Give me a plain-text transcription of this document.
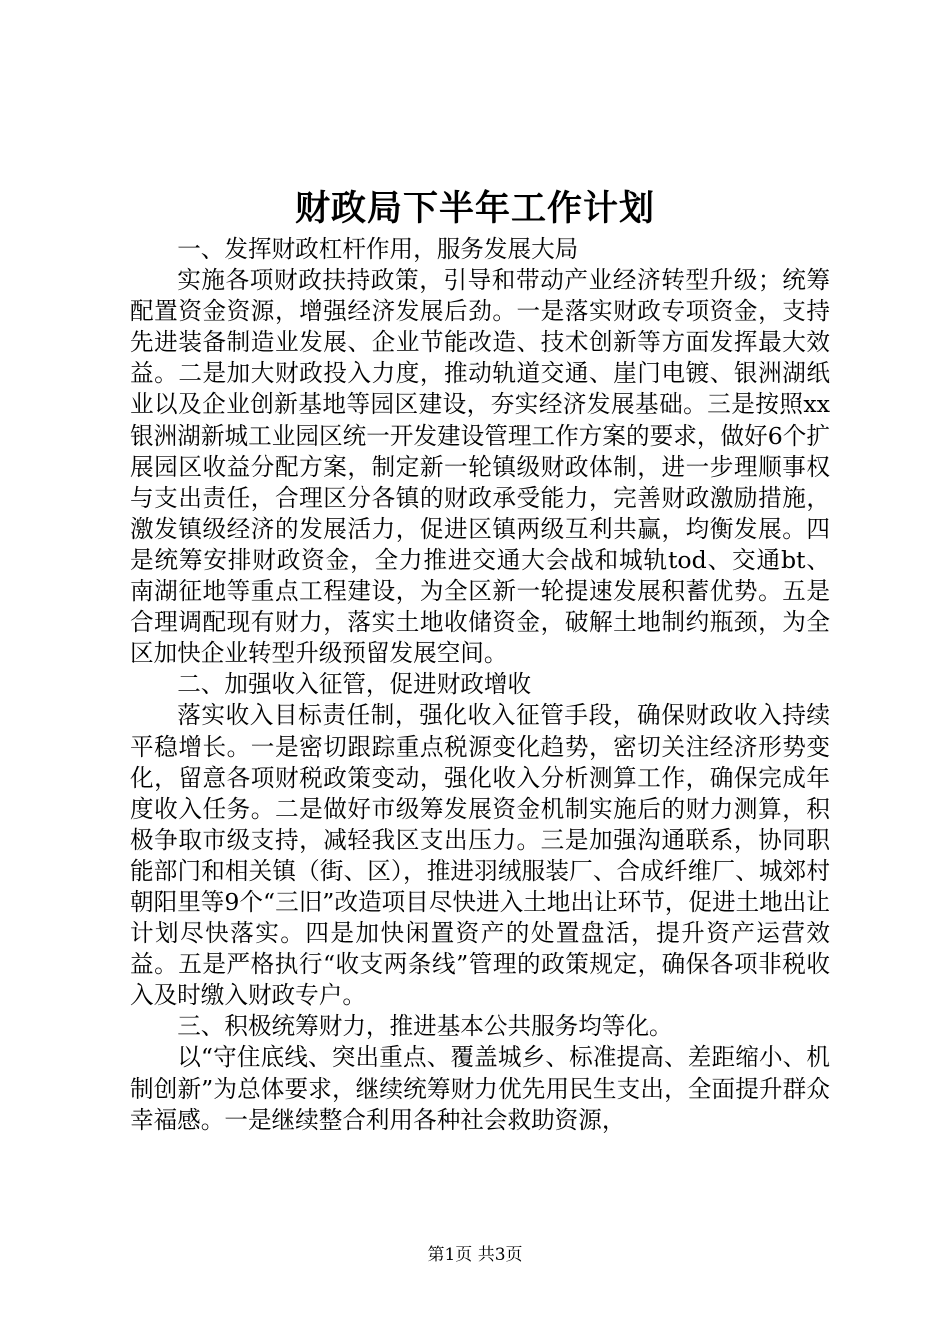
财政局下半年工作计划

一、发挥财政杠杆作用，服务发展大局

实施各项财政扶持政策，引导和带动产业经济转型升级；统筹配置资金资源，增强经济发展后劲。一是落实财政专项资金，支持先进装备制造业发展、企业节能改造、技术创新等方面发挥最大效益。二是加大财政投入力度，推动轨道交通、崖门电镀、银洲湖纸业以及企业创新基地等园区建设，夯实经济发展基础。三是按照xx银洲湖新城工业园区统一开发建设管理工作方案的要求，做好6个扩展园区收益分配方案，制定新一轮镇级财政体制，进一步理顺事权与支出责任，合理区分各镇的财政承受能力，完善财政激励措施，激发镇级经济的发展活力，促进区镇两级互利共赢，均衡发展。四是统筹安排财政资金，全力推进交通大会战和城轨tod、交通bt、南湖征地等重点工程建设，为全区新一轮提速发展积蓄优势。五是合理调配现有财力，落实土地收储资金，破解土地制约瓶颈，为全区加快企业转型升级预留发展空间。

二、加强收入征管，促进财政增收

落实收入目标责任制，强化收入征管手段，确保财政收入持续平稳增长。一是密切跟踪重点税源变化趋势，密切关注经济形势变化，留意各项财税政策变动，强化收入分析测算工作，确保完成年度收入任务。二是做好市级筹发展资金机制实施后的财力测算，积极争取市级支持，减轻我区支出压力。三是加强沟通联系，协同职能部门和相关镇（街、区），推进羽绒服装厂、合成纤维厂、城郊村朝阳里等9个“三旧”改造项目尽快进入土地出让环节，促进土地出让计划尽快落实。四是加快闲置资产的处置盘活，提升资产运营效益。五是严格执行“收支两条线”管理的政策规定，确保各项非税收入及时缴入财政专户。

三、积极统筹财力，推进基本公共服务均等化。

以“守住底线、突出重点、覆盖城乡、标准提高、差距缩小、机制创新”为总体要求，继续统筹财力优先用民生支出，全面提升群众幸福感。一是继续整合利用各种社会救助资源，

第1页 共3页
